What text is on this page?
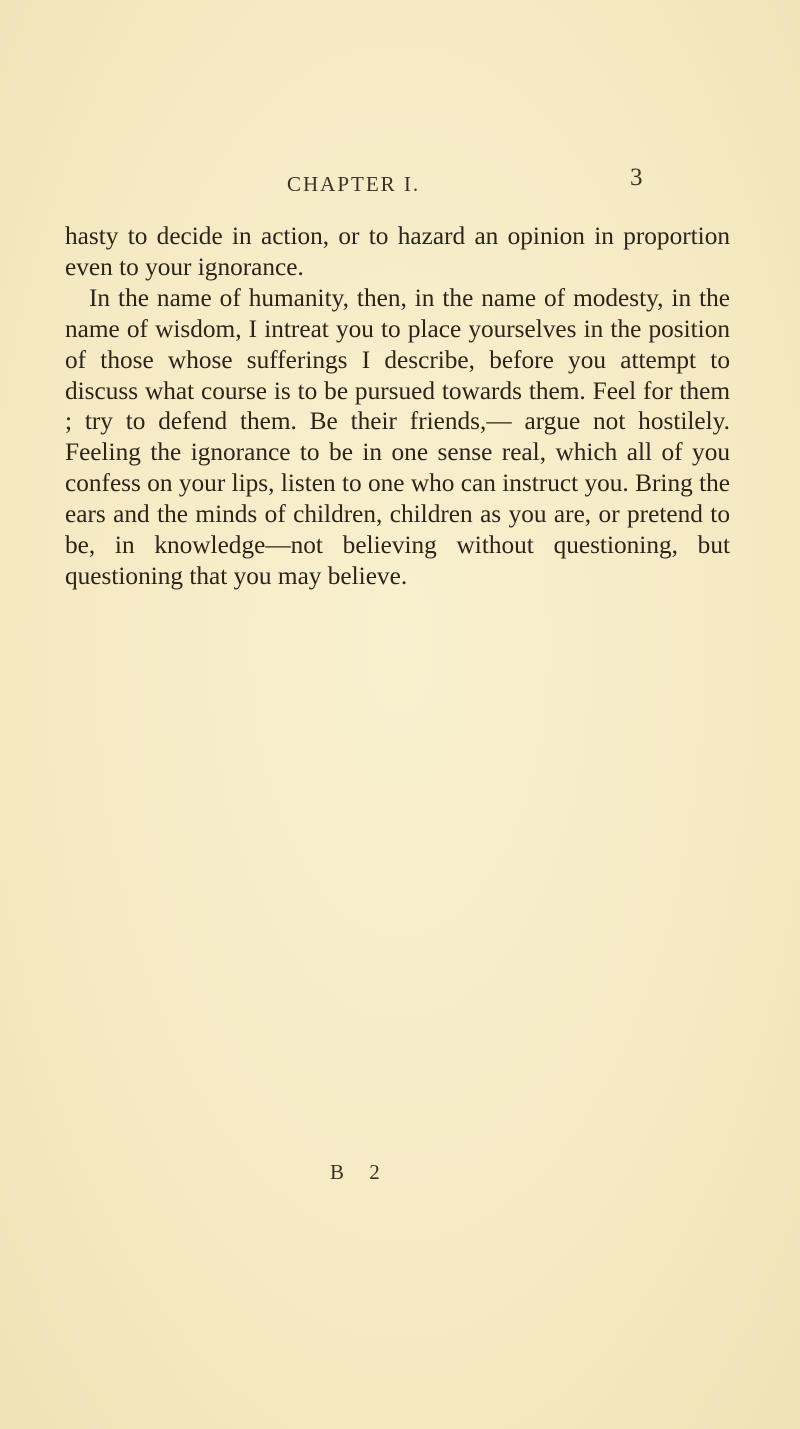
CHAPTER I.	3

hasty to decide in action, or to hazard an opinion in proportion even to your ignorance.

In the name of humanity, then, in the name of modesty, in the name of wisdom, I intreat you to place yourselves in the position of those whose sufferings I describe, before you attempt to discuss what course is to be pursued towards them. Feel for them ; try to defend them. Be their friends,— argue not hostilely. Feeling the ignorance to be in one sense real, which all of you confess on your lips, listen to one who can instruct you. Bring the ears and the minds of children, children as you are, or pretend to be, in knowledge—not believing without questioning, but questioning that you may believe.

B 2
